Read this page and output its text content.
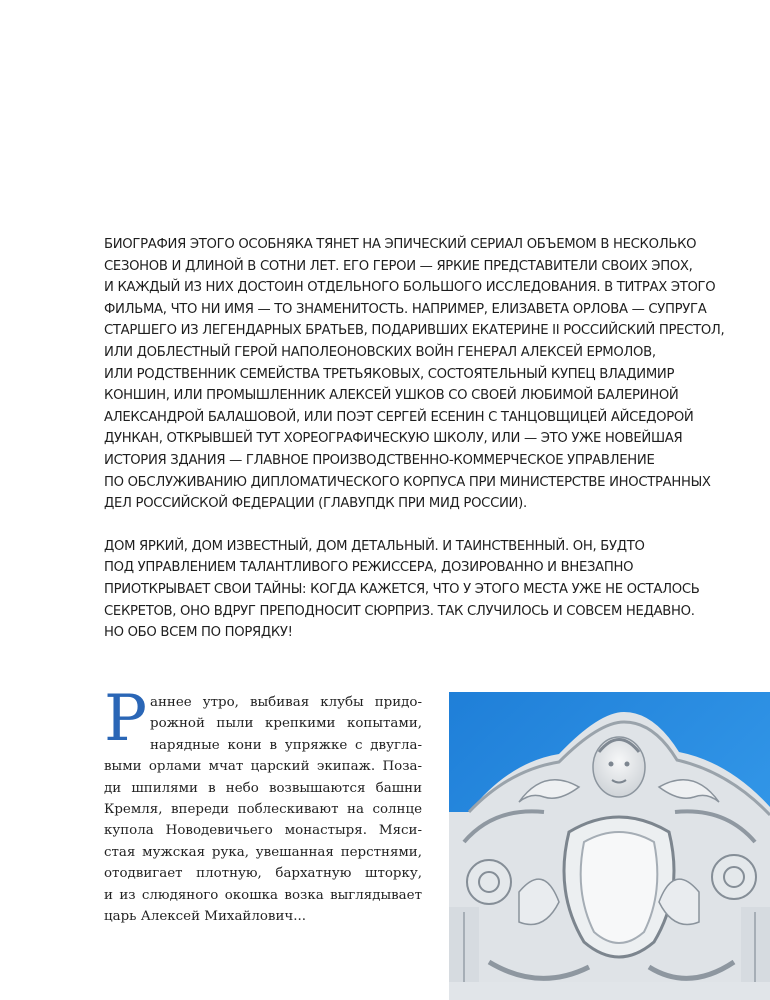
БИОГРАФИЯ ЭТОГО ОСОБНЯКА ТЯНЕТ НА ЭПИЧЕСКИЙ СЕРИАЛ ОБЪЕМОМ В НЕСКОЛЬКО
СЕЗОНОВ И ДЛИНОЙ В СОТНИ ЛЕТ. ЕГО ГЕРОИ — ЯРКИЕ ПРЕДСТАВИТЕЛИ СВОИХ ЭПОХ,
И КАЖДЫЙ ИЗ НИХ ДОСТОИН ОТДЕЛЬНОГО БОЛЬШОГО ИССЛЕДОВАНИЯ. В ТИТРАХ ЭТОГО
ФИЛЬМА, ЧТО НИ ИМЯ — ТО ЗНАМЕНИТОСТЬ. НАПРИМЕР, ЕЛИЗАВЕТА ОРЛОВА — СУПРУГА
СТАРШЕГО ИЗ ЛЕГЕНДАРНЫХ БРАТЬЕВ, ПОДАРИВШИХ ЕКАТЕРИНЕ II РОССИЙСКИЙ ПРЕСТОЛ,
ИЛИ ДОБЛЕСТНЫЙ ГЕРОЙ НАПОЛЕОНОВСКИХ ВОЙН ГЕНЕРАЛ АЛЕКСЕЙ ЕРМОЛОВ,
ИЛИ РОДСТВЕННИК СЕМЕЙСТВА ТРЕТЬЯКОВЫХ, СОСТОЯТЕЛЬНЫЙ КУПЕЦ ВЛАДИМИР
КОНШИН, ИЛИ ПРОМЫШЛЕННИК АЛЕКСЕЙ УШКОВ СО СВОЕЙ ЛЮБИМОЙ БАЛЕРИНОЙ
АЛЕКСАНДРОЙ БАЛАШОВОЙ, ИЛИ ПОЭТ СЕРГЕЙ ЕСЕНИН С ТАНЦОВЩИЦЕЙ АЙСЕДОРОЙ
ДУНКАН, ОТКРЫВШЕЙ ТУТ ХОРЕОГРАФИЧЕСКУЮ ШКОЛУ, ИЛИ — ЭТО УЖЕ НОВЕЙШАЯ
ИСТОРИЯ ЗДАНИЯ — ГЛАВНОЕ ПРОИЗВОДСТВЕННО-КОММЕРЧЕСКОЕ УПРАВЛЕНИЕ
ПО ОБСЛУЖИВАНИЮ ДИПЛОМАТИЧЕСКОГО КОРПУСА ПРИ МИНИСТЕРСТВЕ ИНОСТРАННЫХ
ДЕЛ РОССИЙСКОЙ ФЕДЕРАЦИИ (ГЛАВУПДК ПРИ МИД РОССИИ).

ДОМ ЯРКИЙ, ДОМ ИЗВЕСТНЫЙ, ДОМ ДЕТАЛЬНЫЙ. И ТАИНСТВЕННЫЙ. ОН, БУДТО
ПОД УПРАВЛЕНИЕМ ТАЛАНТЛИВОГО РЕЖИССЕРА, ДОЗИРОВАННО И ВНЕЗАПНО
ПРИОТКРЫВАЕТ СВОИ ТАЙНЫ: КОГДА КАЖЕТСЯ, ЧТО У ЭТОГО МЕСТА УЖЕ НЕ ОСТАЛОСЬ
СЕКРЕТОВ, ОНО ВДРУГ ПРЕПОДНОСИТ СЮРПРИЗ. ТАК СЛУЧИЛОСЬ И СОВСЕМ НЕДАВНО.
НО ОБО ВСЕМ ПО ПОРЯДКУ!

Р аннее утро, выбивая клубы придо-
рожной пыли крепкими копытами,
нарядные кони в упряжке с двугла-
выми орлами мчат царский экипаж. Поза-
ди шпилями в небо возвышаются башни
Кремля, впереди поблескивают на солнце
купола Новодевичьего монастыря. Мяси-
стая мужская рука, увешанная перстнями,
отодвигает плотную, бархатную шторку,
и из слюдяного окошка возка выглядывает
царь Алексей Михайлович...
